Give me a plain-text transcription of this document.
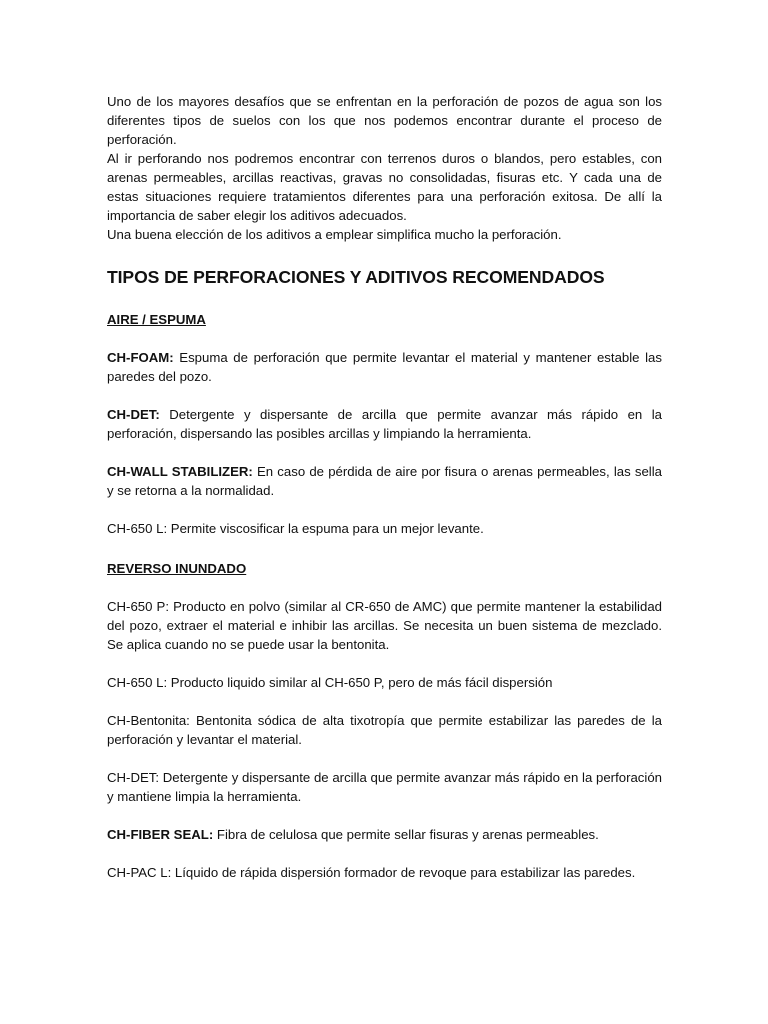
Uno de los mayores desafíos que se enfrentan en la perforación de pozos de agua son los diferentes tipos de suelos con los que nos podemos encontrar durante el proceso de perforación.

Al ir perforando nos podremos encontrar con terrenos duros o blandos, pero estables, con arenas permeables, arcillas reactivas, gravas no consolidadas, fisuras etc. Y cada una de estas situaciones requiere tratamientos diferentes para una perforación exitosa. De allí la importancia de saber elegir los aditivos adecuados.

Una buena elección de los aditivos a emplear simplifica mucho la perforación.

TIPOS DE PERFORACIONES Y ADITIVOS RECOMENDADOS
AIRE / ESPUMA

CH-FOAM: Espuma de perforación que permite levantar el material y mantener estable las paredes del pozo.

CH-DET: Detergente y dispersante de arcilla que permite avanzar más rápido en la perforación, dispersando las posibles arcillas y limpiando la herramienta.

CH-WALL STABILIZER: En caso de pérdida de aire por fisura o arenas permeables, las sella y se retorna a la normalidad.

CH-650 L: Permite viscosificar la espuma para un mejor levante.

REVERSO INUNDADO

CH-650 P: Producto en polvo (similar al CR-650 de AMC) que permite mantener la estabilidad del pozo, extraer el material e inhibir las arcillas. Se necesita un buen sistema de mezclado. Se aplica cuando no se puede usar la bentonita.

CH-650 L: Producto liquido similar al CH-650 P, pero de más fácil dispersión

CH-Bentonita: Bentonita sódica de alta tixotropía que permite estabilizar las paredes de la perforación y levantar el material.

CH-DET: Detergente y dispersante de arcilla que permite avanzar más rápido en la perforación y mantiene limpia la herramienta.

CH-FIBER SEAL: Fibra de celulosa que permite sellar fisuras y arenas permeables.

CH-PAC L: Líquido de rápida dispersión formador de revoque para estabilizar las paredes.
